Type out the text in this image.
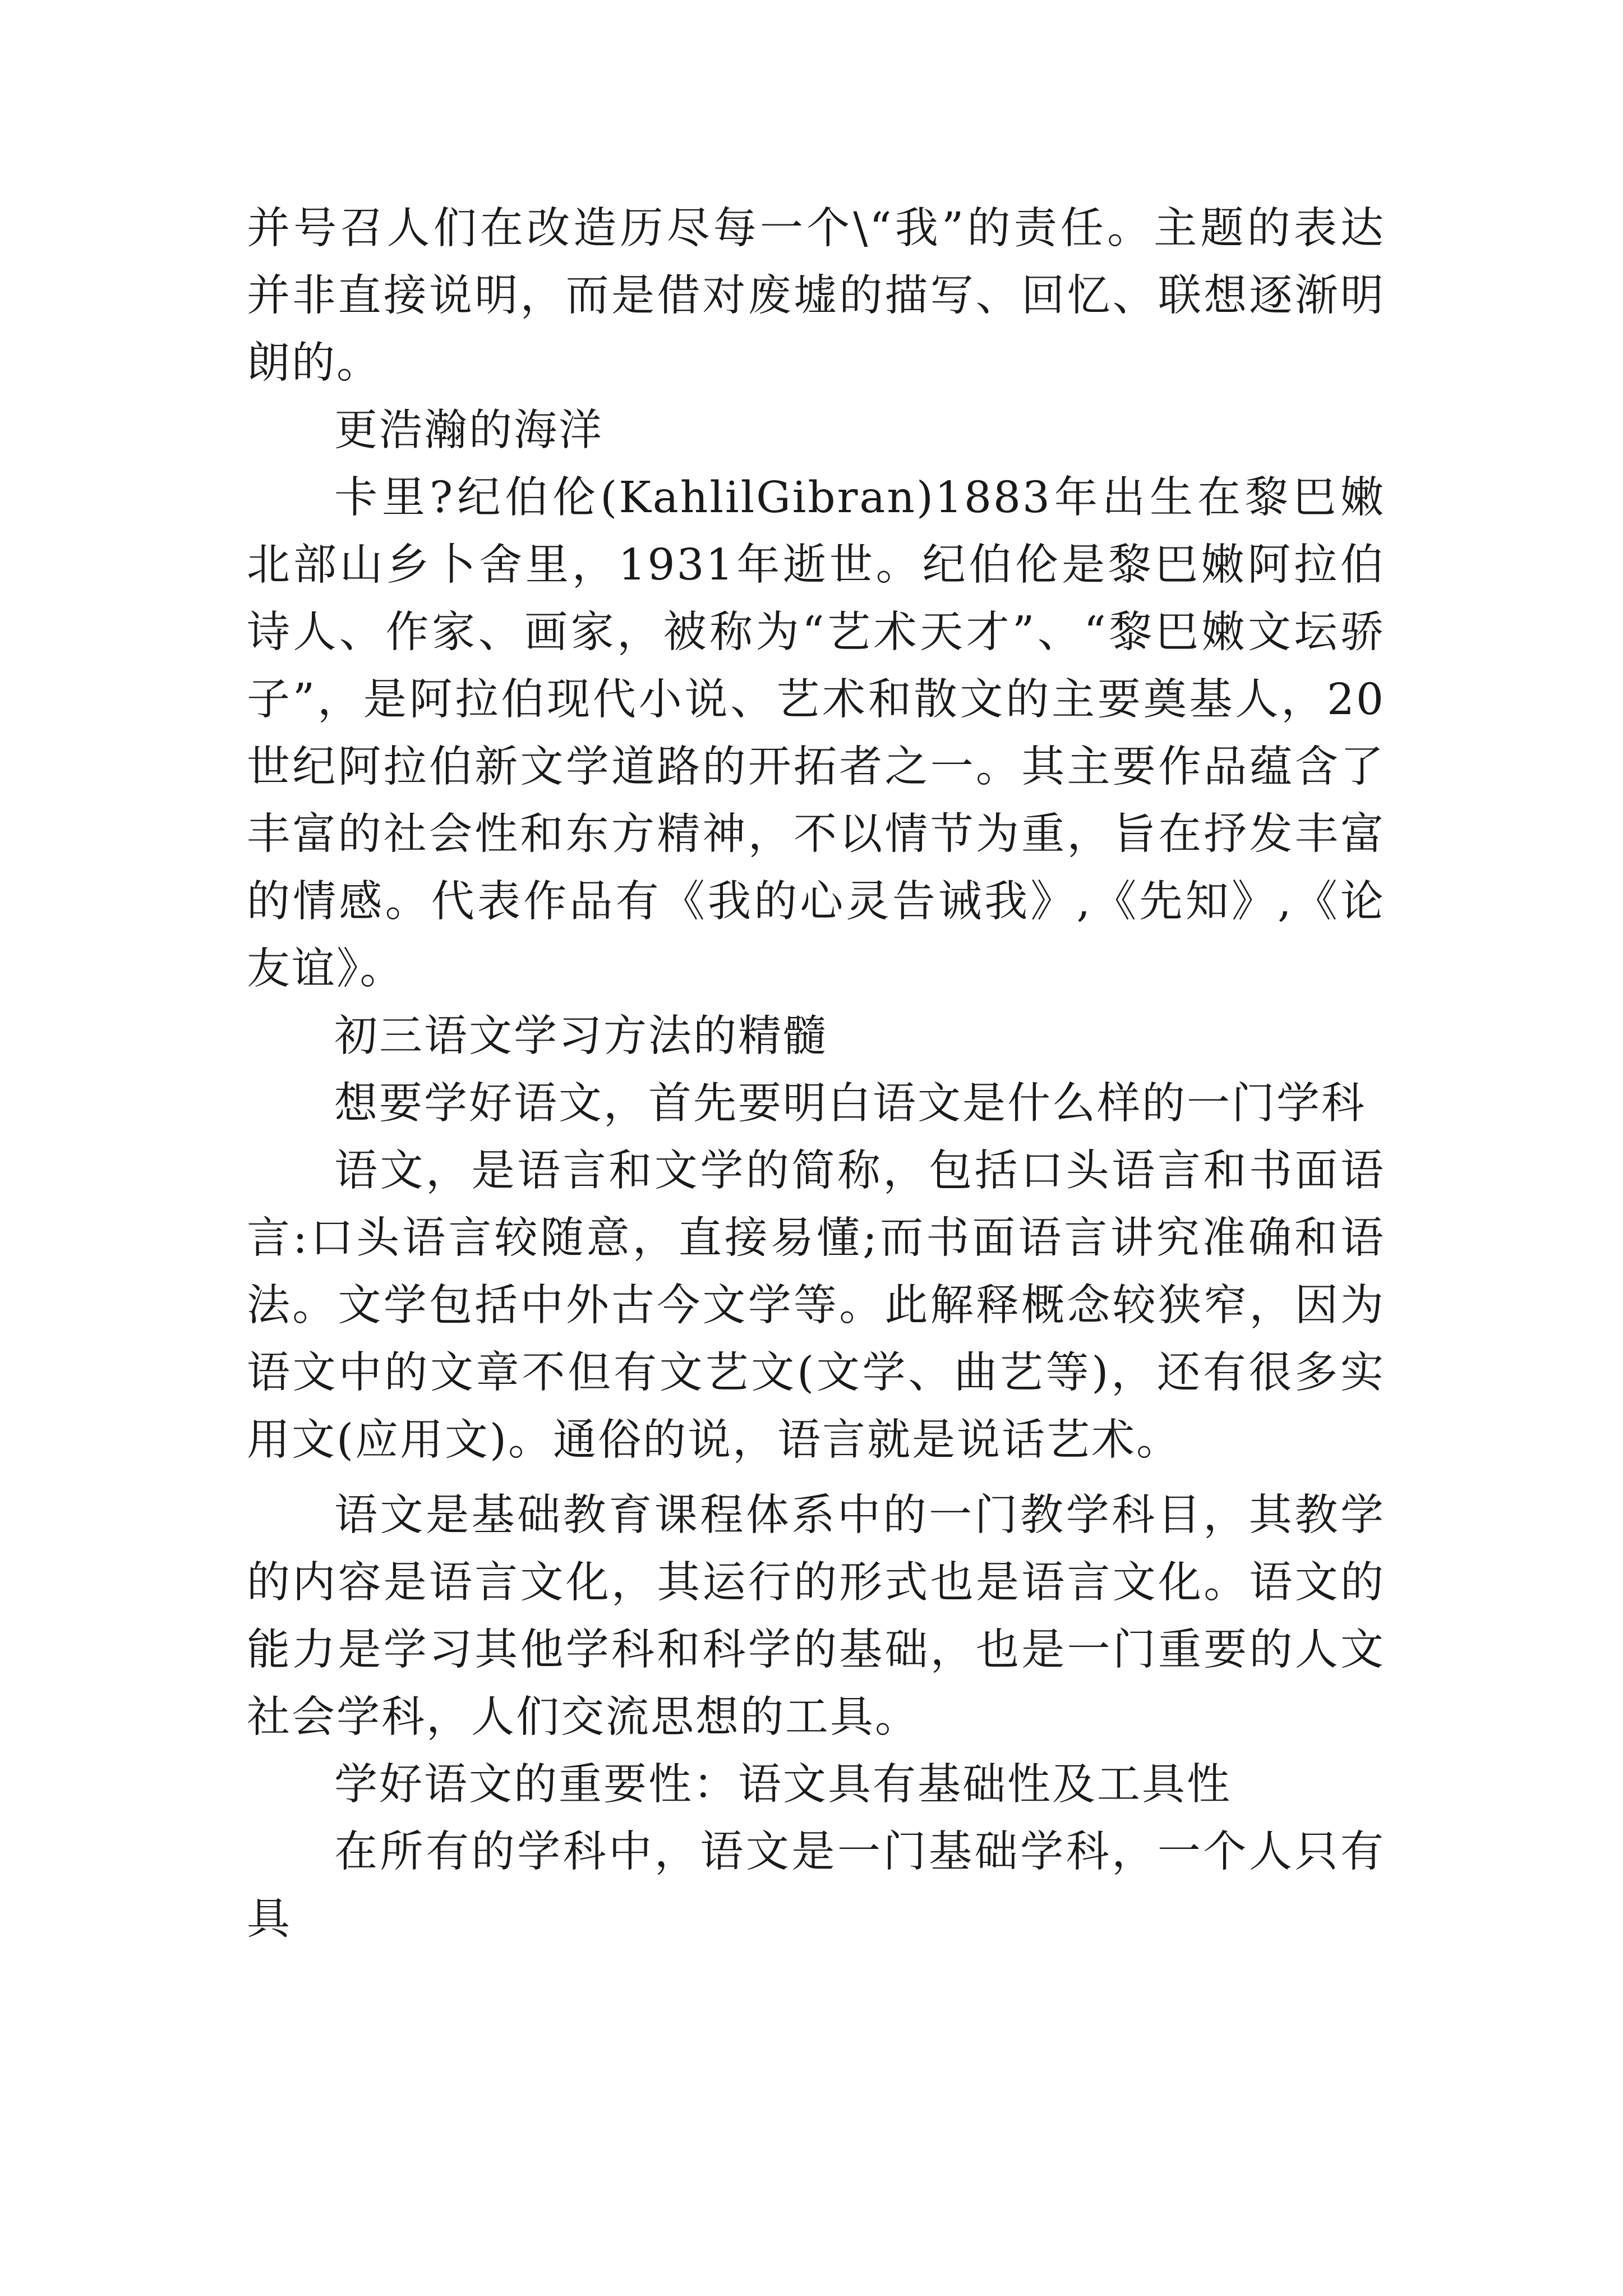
并号召人们在改造历尽每一个\“我”的责任。主题的表达并非直接说明，而是借对废墟的描写、回忆、联想逐渐明朗的。

更浩瀚的海洋

卡里?纪伯伦(KahlilGibran)1883年出生在黎巴嫩北部山乡卜舍里，1931年逝世。纪伯伦是黎巴嫩阿拉伯诗人、作家、画家，被称为“艺术天才”、“黎巴嫩文坛骄子”，是阿拉伯现代小说、艺术和散文的主要奠基人，20世纪阿拉伯新文学道路的开拓者之一。其主要作品蕴含了丰富的社会性和东方精神，不以情节为重，旨在抒发丰富的情感。代表作品有《我的心灵告诫我》,《先知》,《论友谊》。

初三语文学习方法的精髓

想要学好语文，首先要明白语文是什么样的一门学科

语文，是语言和文学的简称，包括口头语言和书面语言:口头语言较随意，直接易懂;而书面语言讲究准确和语法。文学包括中外古今文学等。此解释概念较狭窄，因为语文中的文章不但有文艺文(文学、曲艺等)，还有很多实用文(应用文)。通俗的说，语言就是说话艺术。

语文是基础教育课程体系中的一门教学科目，其教学的内容是语言文化，其运行的形式也是语言文化。语文的能力是学习其他学科和科学的基础，也是一门重要的人文社会学科，人们交流思想的工具。

学好语文的重要性：语文具有基础性及工具性

在所有的学科中，语文是一门基础学科，一个人只有具
